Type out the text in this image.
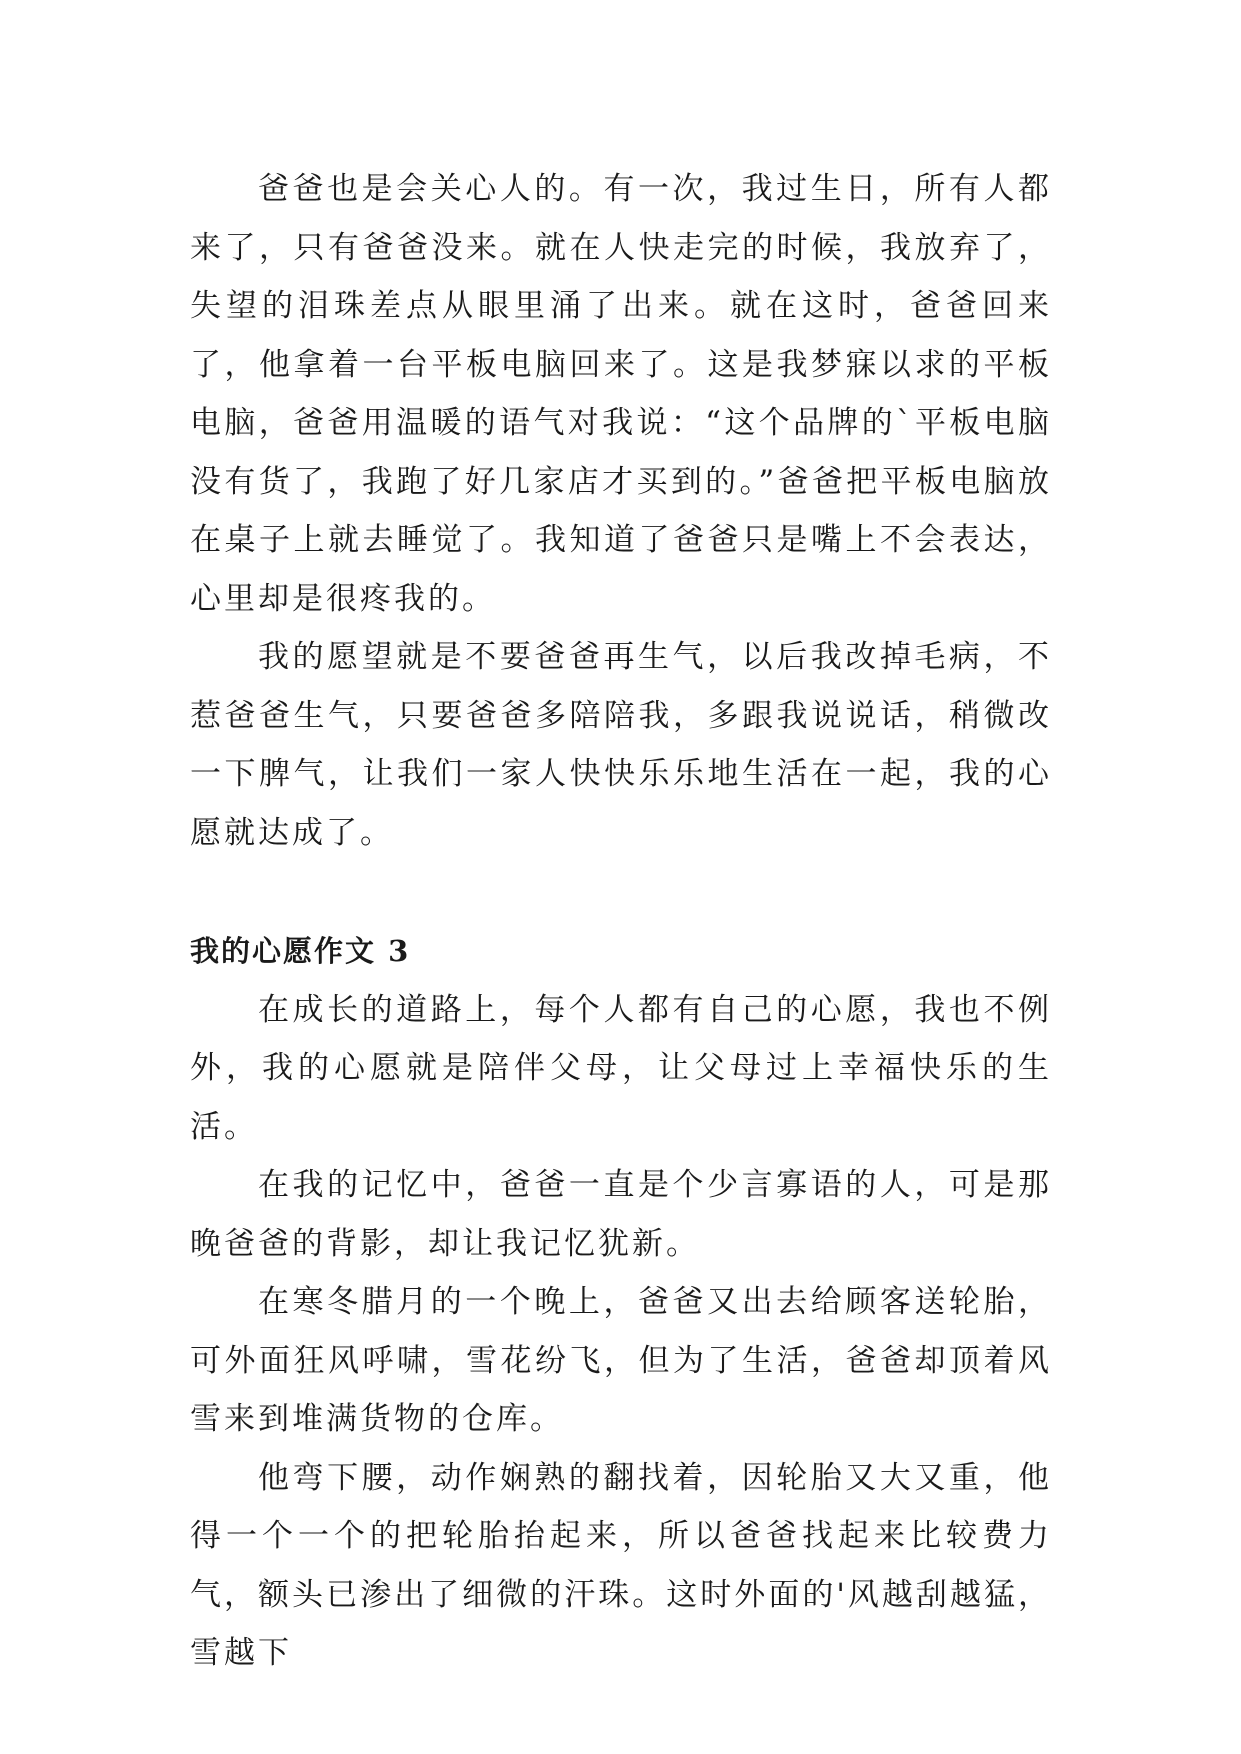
爸爸也是会关心人的。有一次，我过生日，所有人都来了，只有爸爸没来。就在人快走完的时候，我放弃了，失望的泪珠差点从眼里涌了出来。就在这时，爸爸回来了，他拿着一台平板电脑回来了。这是我梦寐以求的平板电脑，爸爸用温暖的语气对我说：“这个品牌的`平板电脑没有货了，我跑了好几家店才买到的。”爸爸把平板电脑放在桌子上就去睡觉了。我知道了爸爸只是嘴上不会表达，心里却是很疼我的。

我的愿望就是不要爸爸再生气，以后我改掉毛病，不惹爸爸生气，只要爸爸多陪陪我，多跟我说说话，稍微改一下脾气，让我们一家人快快乐乐地生活在一起，我的心愿就达成了。

我的心愿作文 3

在成长的道路上，每个人都有自己的心愿，我也不例外，我的心愿就是陪伴父母，让父母过上幸福快乐的生活。

在我的记忆中，爸爸一直是个少言寡语的人，可是那晚爸爸的背影，却让我记忆犹新。

在寒冬腊月的一个晚上，爸爸又出去给顾客送轮胎，可外面狂风呼啸，雪花纷飞，但为了生活，爸爸却顶着风雪来到堆满货物的仓库。

他弯下腰，动作娴熟的翻找着，因轮胎又大又重，他得一个一个的把轮胎抬起来，所以爸爸找起来比较费力气，额头已渗出了细微的汗珠。这时外面的'风越刮越猛，雪越下
